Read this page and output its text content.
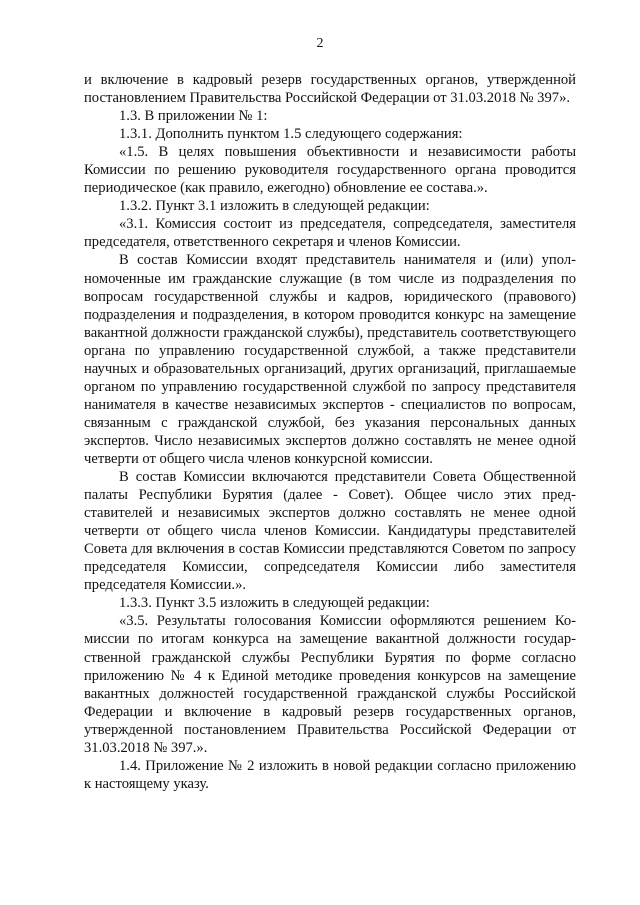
2

и включение в кадровый резерв государственных органов, утвержденной постановлением Правительства Российской Федерации от 31.03.2018 № 397».

1.3. В приложении № 1:

1.3.1. Дополнить пунктом 1.5 следующего содержания:

«1.5. В целях повышения объективности и независимости работы Комиссии по решению руководителя государственного органа проводится периодическое (как правило, ежегодно) обновление ее состава.».

1.3.2. Пункт 3.1 изложить в следующей редакции:

«3.1. Комиссия состоит из председателя, сопредседателя, заместителя председателя, ответственного секретаря и членов Комиссии.

В состав Комиссии входят представитель нанимателя и (или) уполномоченные им гражданские служащие (в том числе из подразделения по вопросам государственной службы и кадров, юридического (правового) подразделения и подразделения, в котором проводится конкурс на замещение вакантной должности гражданской службы), представитель соответствующего органа по управлению государственной службой, а также представители научных и образовательных организаций, других организаций, приглашаемые органом по управлению государственной службой по запросу представителя нанимателя в качестве независимых экспертов - специалистов по вопросам, связанным с гражданской службой, без указания персональных данных экспертов. Число независимых экспертов должно составлять не менее одной четверти от общего числа членов конкурсной комиссии.

В состав Комиссии включаются представители Совета Общественной палаты Республики Бурятия (далее - Совет). Общее число этих представителей и независимых экспертов должно составлять не менее одной четверти от общего числа членов Комиссии. Кандидатуры представителей Совета для включения в состав Комиссии представляются Советом по запросу председателя Комиссии, сопредседателя Комиссии либо заместителя председателя Комиссии.».

1.3.3. Пункт 3.5 изложить в следующей редакции:

«3.5. Результаты голосования Комиссии оформляются решением Комиссии по итогам конкурса на замещение вакантной должности государственной гражданской службы Республики Бурятия по форме согласно приложению № 4 к Единой методике проведения конкурсов на замещение вакантных должностей государственной гражданской службы Российской Федерации и включение в кадровый резерв государственных органов, утвержденной постановлением Правительства Российской Федерации от 31.03.2018 № 397.».

1.4. Приложение № 2 изложить в новой редакции согласно приложению к настоящему указу.
